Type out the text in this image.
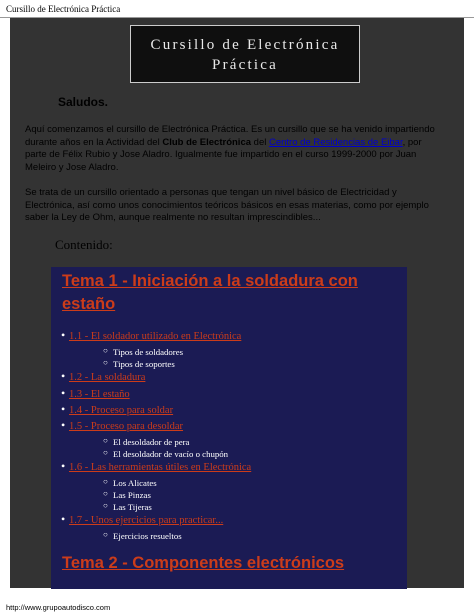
Cursillo de Electrónica Práctica
Cursillo de Electrónica
Práctica
Saludos.
Aquí comenzamos el cursillo de Electrónica Práctica. Es un cursillo que se ha venido impartiendo durante años en la Actividad del Club de Electrónica del Centro de Residencias de Eibar, por parte de Félix Rubio y Jose Aladro. Igualmente fue impartido en el curso 1999-2000 por Juan Meleiro y Jose Aladro.
Se trata de un cursillo orientado a personas que tengan un nivel básico de Electricidad y Electrónica, así como unos conocimientos teóricos básicos en esas materias, como por ejemplo saber la Ley de Ohm, aunque realmente no resultan imprescindibles...
Contenido:
Tema 1 - Iniciación a la soldadura con estaño
• 1.1 - El soldador utilizado en Electrónica
○ Tipos de soldadores
○ Tipos de soportes
• 1.2 - La soldadura
• 1.3 - El estaño
• 1.4 - Proceso para soldar
• 1.5 - Proceso para desoldar
○ El desoldador de pera
○ El desoldador de vacío o chupón
• 1.6 - Las herramientas útiles en Electrónica
○ Los Alicates
○ Las Pinzas
○ Las Tijeras
• 1.7 - Unos ejercicios para practicar...
○ Ejercicios resueltos
Tema 2 - Componentes electrónicos
http://www.grupoautodisco.com
